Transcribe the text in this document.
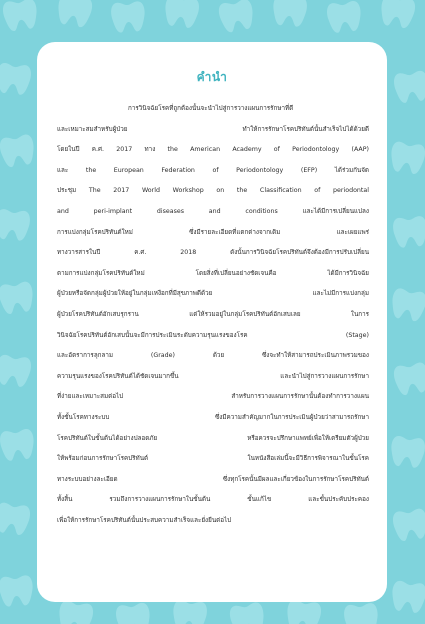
คำนำ
การวินิจฉัยโรคที่ถูกต้องนั้นจะนำไปสู่การวางแผนการรักษาที่ดี
และเหมาะสมสำหรับผู้ป่วย ทำให้การรักษาโรคปริทันต์นั้นสำเร็จไปได้ด้วยดี
โดยในปี ค.ศ. 2017 ทาง the American Academy of Periodontology (AAP)
และ the European Federation of Periodontology (EFP) ได้ร่วมกันจัด
ประชุม The 2017 World Workshop on the Classification of periodontal
and peri-implant diseases and conditions และได้มีการเปลี่ยนแปลง
การแบ่งกลุ่มโรคปริทันต์ใหม่ ซึ่งมีรายละเอียดที่แตกต่างจากเดิม และเผยแพร่
ทางวารสารในปี ค.ศ. 2018 ดังนั้นการวินิจฉัยโรคปริทันต์จึงต้องมีการปรับเปลี่ยน
ตามการแบ่งกลุ่มโรคปริทันต์ใหม่ โดยสิ่งที่เปลี่ยนอย่างชัดเจนคือ ได้มีการวินิจฉัย
ผู้ป่วยหรือจัดกลุ่มผู้ป่วยให้อยู่ในกลุ่มเหงือกที่มีสุขภาพดีด้วย และไม่มีการแบ่งกลุ่ม
ผู้ป่วยโรคปริทันต์อักเสบรุกราน แต่ให้รวมอยู่ในกลุ่มโรคปริทันต์อักเสบเลย ในการ
วินิจฉัยโรคปริทันต์อักเสบนั้นจะมีการประเมินระดับความรุนแรงของโรค (Stage)
และอัตราการลุกลาม (Grade) ด้วย ซึ่งจะทำให้สามารถประเมินภาพรวมของ
ความรุนแรงของโรคปริทันต์ได้ชัดเจนมากขึ้น และนำไปสู่การวางแผนการรักษา
ที่ง่ายและเหมาะสมต่อไป สำหรับการวางแผนการรักษานั้นต้องทำการวางแผน
ทั้งขั้นโรคทางระบบ ซึ่งมีความสำคัญมากในการประเมินผู้ป่วยว่าสามารถรักษา
โรคปริทันต์ในขั้นต้นได้อย่างปลอดภัย หรือควรจะปรึกษาแพทย์เพื่อให้เตรียมตัวผู้ป่วย
ให้พร้อมก่อนการรักษาโรคปริทันต์ ในหนังสือเล่มนี้จะมีวิธีการพิจารณาในขั้นโรค
ทางระบบอย่างละเอียด ซึ่งทุกโรคนั้นมีผลและเกี่ยวข้องในการรักษาโรคปริทันต์
ทั้งสิ้น รวมถึงการวางแผนการรักษาในขั้นต้น ขั้นแก้ไข และขั้นประคับประคอง
เพื่อให้การรักษาโรคปริทันต์นั้นประสบความสำเร็จและยั่งยืนต่อไป
